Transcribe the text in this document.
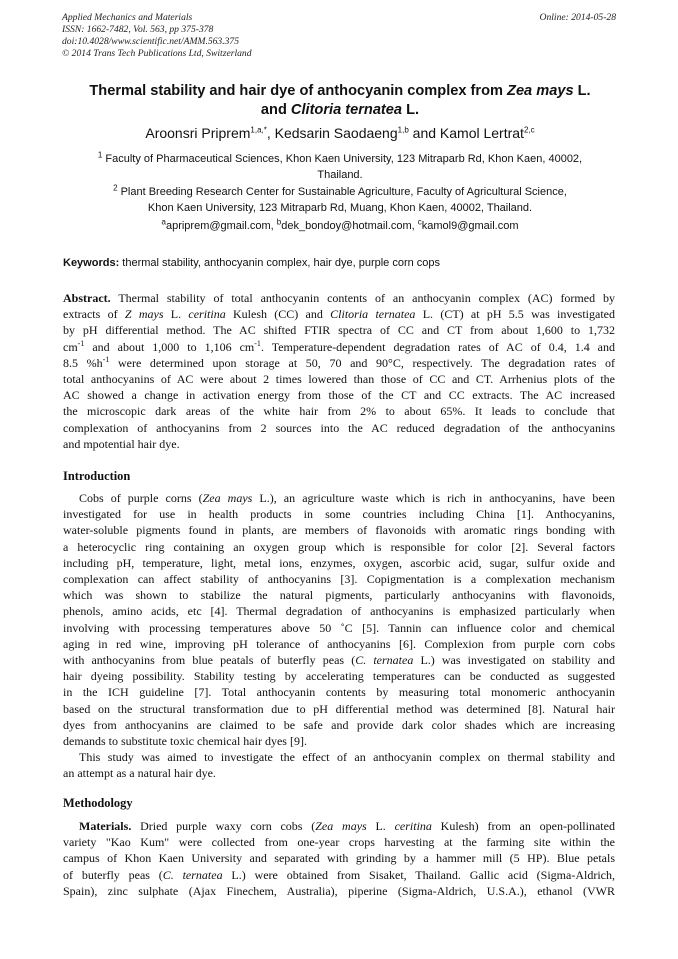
Applied Mechanics and Materials
ISSN: 1662-7482, Vol. 563, pp 375-378
doi:10.4028/www.scientific.net/AMM.563.375
© 2014 Trans Tech Publications Ltd, Switzerland
Online: 2014-05-28
Thermal stability and hair dye of anthocyanin complex from Zea mays L.
and Clitoria ternatea L.
Aroonsri Priprem$^{1,a,*}$, Kedsarin Saodaeng$^{1,b}$ and Kamol Lertrat$^{2,c}$
$^1$ Faculty of Pharmaceutical Sciences, Khon Kaen University, 123 Mitraparb Rd, Khon Kaen, 40002,
Thailand.
$^2$ Plant Breeding Research Center for Sustainable Agriculture, Faculty of Agricultural Science,
Khon Kaen University, 123 Mitraparb Rd, Muang, Khon Kaen, 40002, Thailand.
$^a$apriprem@gmail.com, $^b$dek_bondoy@hotmail.com, $^c$kamol9@gmail.com
Keywords: thermal stability, anthocyanin complex, hair dye, purple corn cops
Abstract. Thermal stability of total anthocyanin contents of an anthocyanin complex (AC) formed by
extracts of Z mays L. ceritina Kulesh (CC) and Clitoria ternatea L. (CT) at pH 5.5 was investigated
by pH differential method. The AC shifted FTIR spectra of CC and CT from about 1,600 to 1,732
$cm^{-1}$ and about 1,000 to 1,106 $cm^{-1}$. Temperature-dependent degradation rates of AC of 0.4, 1.4 and
8.5 $\%h^{-1}$ were determined upon storage at 50, 70 and 90°C, respectively. The degradation rates of
total anthocyanins of AC were about 2 times lowered than those of CC and CT. Arrhenius plots of the
AC showed a change in activation energy from those of the CT and CC extracts. The AC increased
the microscopic dark areas of the white hair from 2% to about 65%. It leads to conclude that
complexation of anthocyanins from 2 sources into the AC reduced degradation of the anthocyanins
and mpotential hair dye.
Introduction
Cobs of purple corns (Zea mays L.), an agriculture waste which is rich in anthocyanins, have been
investigated for use in health products in some countries including China [1]. Anthocyanins,
water-soluble pigments found in plants, are members of flavonoids with aromatic rings bonding with
a heterocyclic ring containing an oxygen group which is responsible for color [2]. Several factors
including pH, temperature, light, metal ions, enzymes, oxygen, ascorbic acid, sugar, sulfur oxide and
complexation can affect stability of anthocyanins [3]. Copigmentation is a complexation mechanism
which was shown to stabilize the natural pigments, particularly anthocyanins with flavonoids,
phenols, amino acids, etc [4]. Thermal degradation of anthocyanins is emphasized particularly when
involving with processing temperatures above 50 ˚C [5]. Tannin can influence color and chemical
aging in red wine, improving pH tolerance of anthocyanins [6]. Complexion from purple corn cobs
with anthocyanins from blue peatals of buterfly peas (C. ternatea L.) was investigated on stability and
hair dyeing possibility. Stability testing by accelerating temperatures can be conducted as suggested
in the ICH guideline [7]. Total anthocyanin contents by measuring total monomeric anthocyanin
based on the structural transformation due to pH differential method was determined [8]. Natural hair
dyes from anthocyanins are claimed to be safe and provide dark color shades which are increasing
demands to substitute toxic chemical hair dyes [9].
This study was aimed to investigate the effect of an anthocyanin complex on thermal stability and
an attempt as a natural hair dye.
Methodology
Materials. Dried purple waxy corn cobs (Zea mays L. ceritina Kulesh) from an open-pollinated
variety "Kao Kum" were collected from one-year crops harvesting at the farming site within the
campus of Khon Kaen University and separated with grinding by a hammer mill (5 HP). Blue petals
of buterfly peas (C. ternatea L.) were obtained from Sisaket, Thailand. Gallic acid (Sigma-Aldrich,
Spain), zinc sulphate (Ajax Finechem, Australia), piperine (Sigma-Aldrich, U.S.A.), ethanol (VWR
